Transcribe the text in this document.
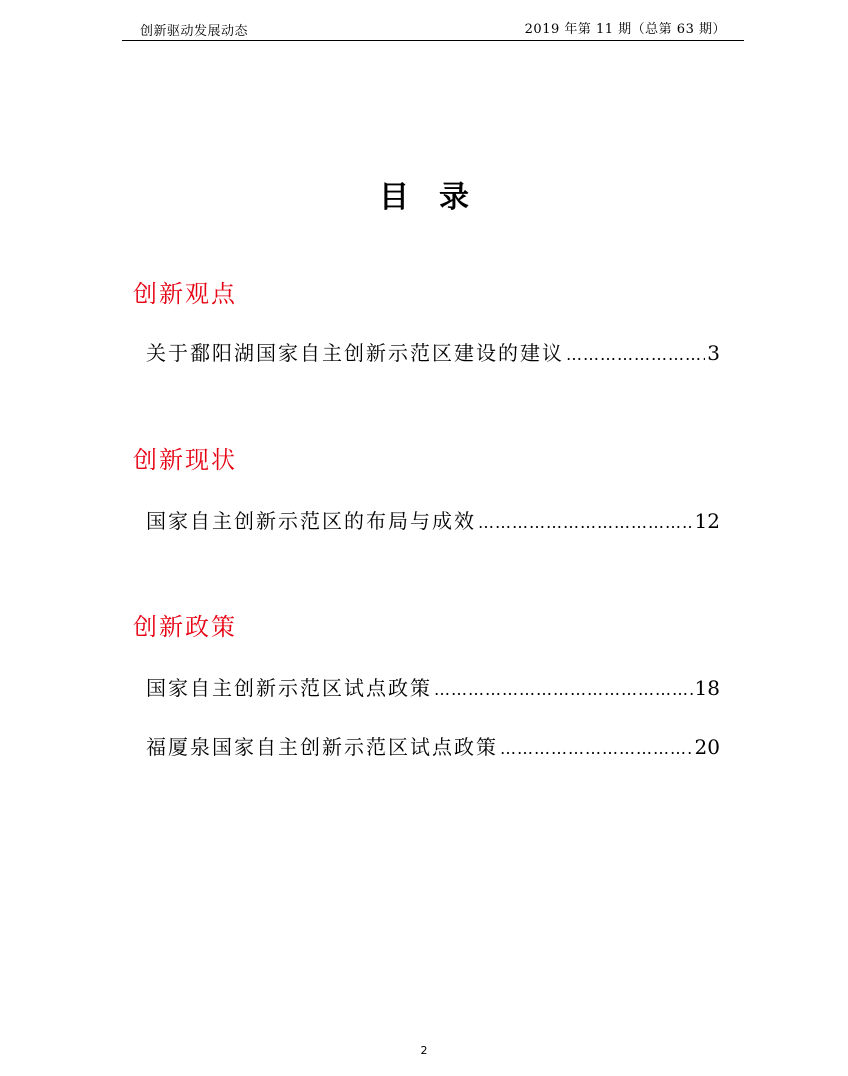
创新驱动发展动态	2019 年第 11 期（总第 63 期）
目录
创新观点
关于鄱阳湖国家自主创新示范区建设的建议 ……………………………………………………………………………………………………………………	3
创新现状
国家自主创新示范区的布局与成效 ……………………………………………………………………………………………………………………	12
创新政策
国家自主创新示范区试点政策 ……………………………………………………………………………………………………………………	18
福厦泉国家自主创新示范区试点政策 ……………………………………………………………………………………………………………………	20
2
